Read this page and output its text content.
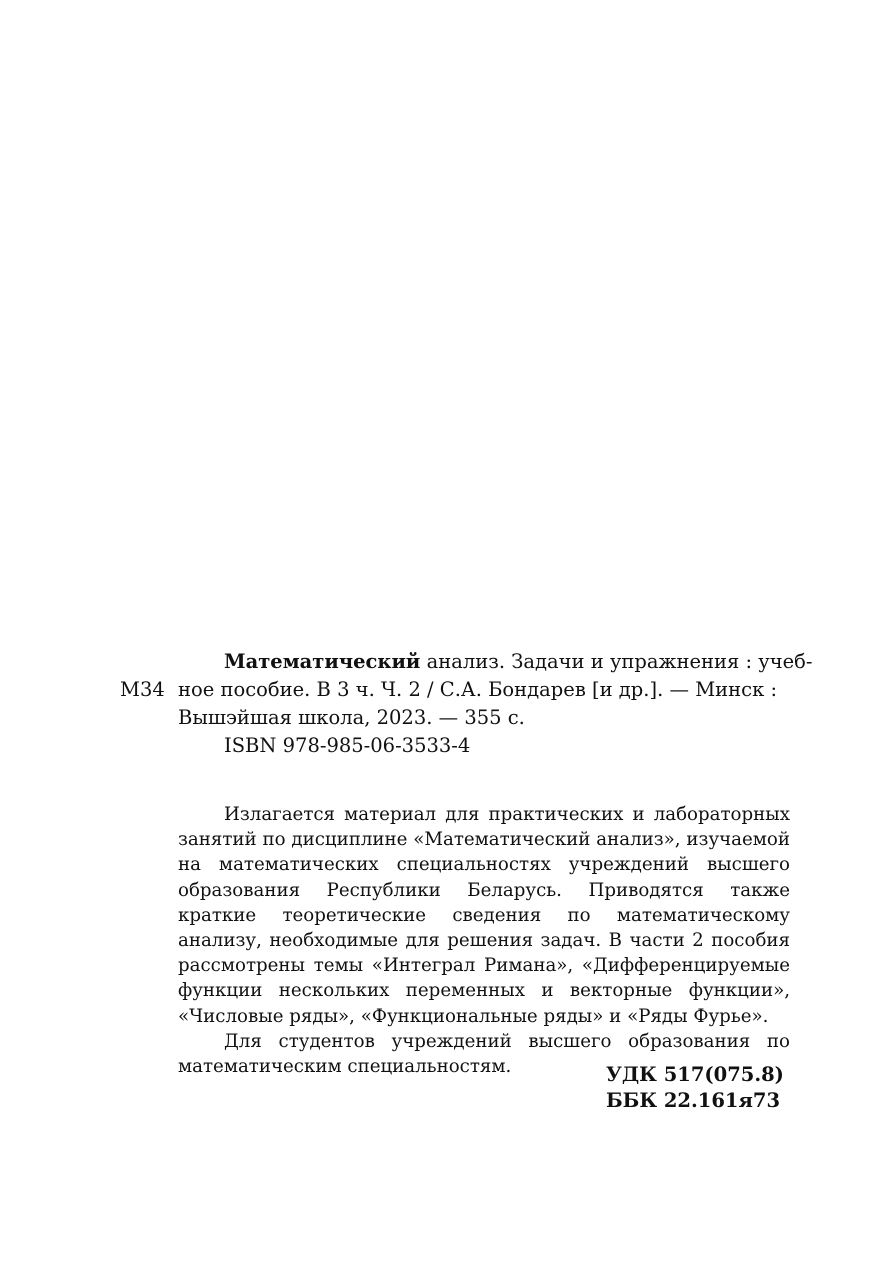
Математический анализ. Задачи и упражнения : учеб-
М34 ное пособие. В 3 ч. Ч. 2 / С.А. Бондарев [и др.]. — Минск :
Вышэйшая школа, 2023. — 355 с.
ISBN 978-985-06-3533-4

Излагается материал для практических и лабораторных занятий по дисциплине «Математический анализ», изучаемой на математических специальностях учреждений высшего образования Республики Беларусь. Приводятся также краткие теоретические сведения по математическому анализу, необходимые для решения задач. В части 2 пособия рассмотрены темы «Интеграл Римана», «Дифференцируемые функции нескольких переменных и векторные функции», «Числовые ряды», «Функциональные ряды» и «Ряды Фурье».

Для студентов учреждений высшего образования по математическим специальностям.	УДК 517(075.8)
ББК 22.161я73
